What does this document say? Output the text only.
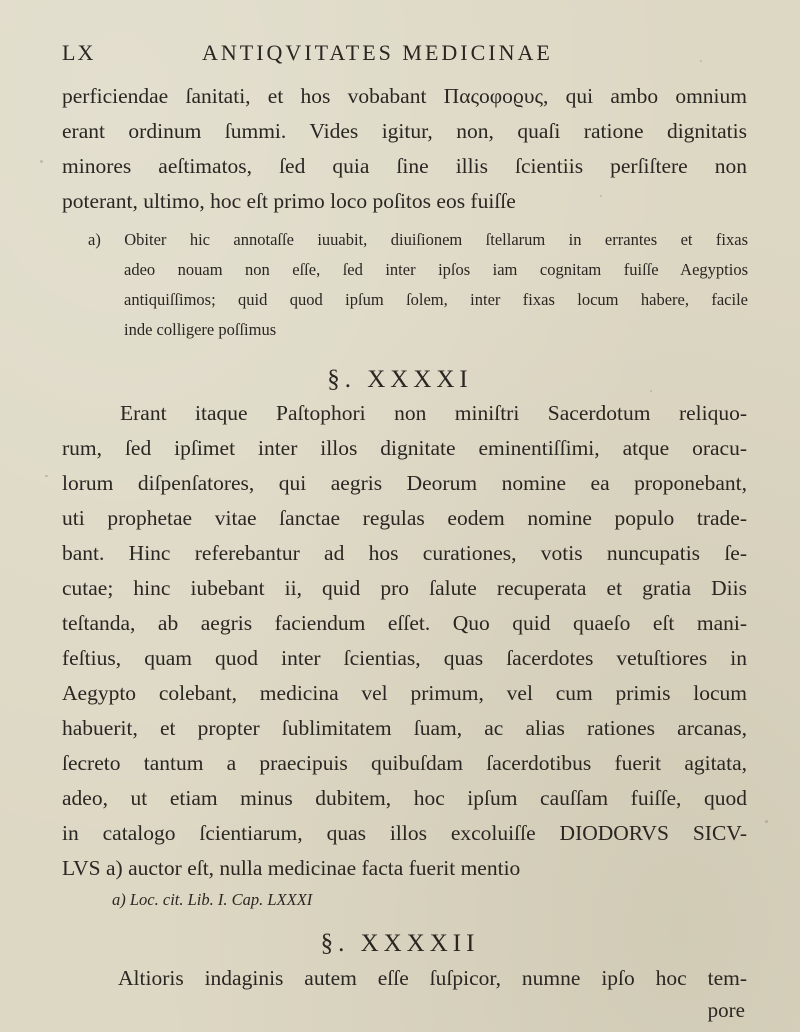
LX	ANTIQVITATES MEDICINAE
perficiendae ſanitati, et hos vobabant Παςοφοϱυς, qui ambo omnium
erant ordinum ſummi. Vides igitur, non, quaſi ratione dignitatis
minores aeſtimatos, ſed quia ſine illis ſcientiis perſiſtere non
poterant, ultimo, hoc eſt primo loco poſitos eos fuiſſe
a) Obiter hic annotaſſe iuuabit, diuiſionem ſtellarum in errantes et fixas
adeo nouam non eſſe, ſed inter ipſos iam cognitam fuiſſe Aegyptios
antiquiſſimos; quid quod ipſum ſolem, inter fixas locum habere, facile
inde colligere poſſimus
§. XXXXI
Erant itaque Paſtophori non miniſtri Sacerdotum reliquo-
rum, ſed ipſimet inter illos dignitate eminentiſſimi, atque oracu-
lorum diſpenſatores, qui aegris Deorum nomine ea proponebant,
uti prophetae vitae ſanctae regulas eodem nomine populo trade-
bant. Hinc referebantur ad hos curationes, votis nuncupatis ſe-
cutae; hinc iubebant ii, quid pro ſalute recuperata et gratia Diis
teſtanda, ab aegris faciendum eſſet. Quo quid quaeſo eſt mani-
feſtius, quam quod inter ſcientias, quas ſacerdotes vetuſtiores in
Aegypto colebant, medicina vel primum, vel cum primis locum
habuerit, et propter ſublimitatem ſuam, ac alias rationes arcanas,
ſecreto tantum a praecipuis quibuſdam ſacerdotibus fuerit agitata,
adeo, ut etiam minus dubitem, hoc ipſum cauſſam fuiſſe, quod
in catalogo ſcientiarum, quas illos excoluiſſe DIODORVS SICV-
LVS a) auctor eſt, nulla medicinae facta fuerit mentio
a) Loc. cit. Lib. I. Cap. LXXXI
§. XXXXII
Altioris indaginis autem eſſe ſuſpicor, numne ipſo hoc tem-
pore
